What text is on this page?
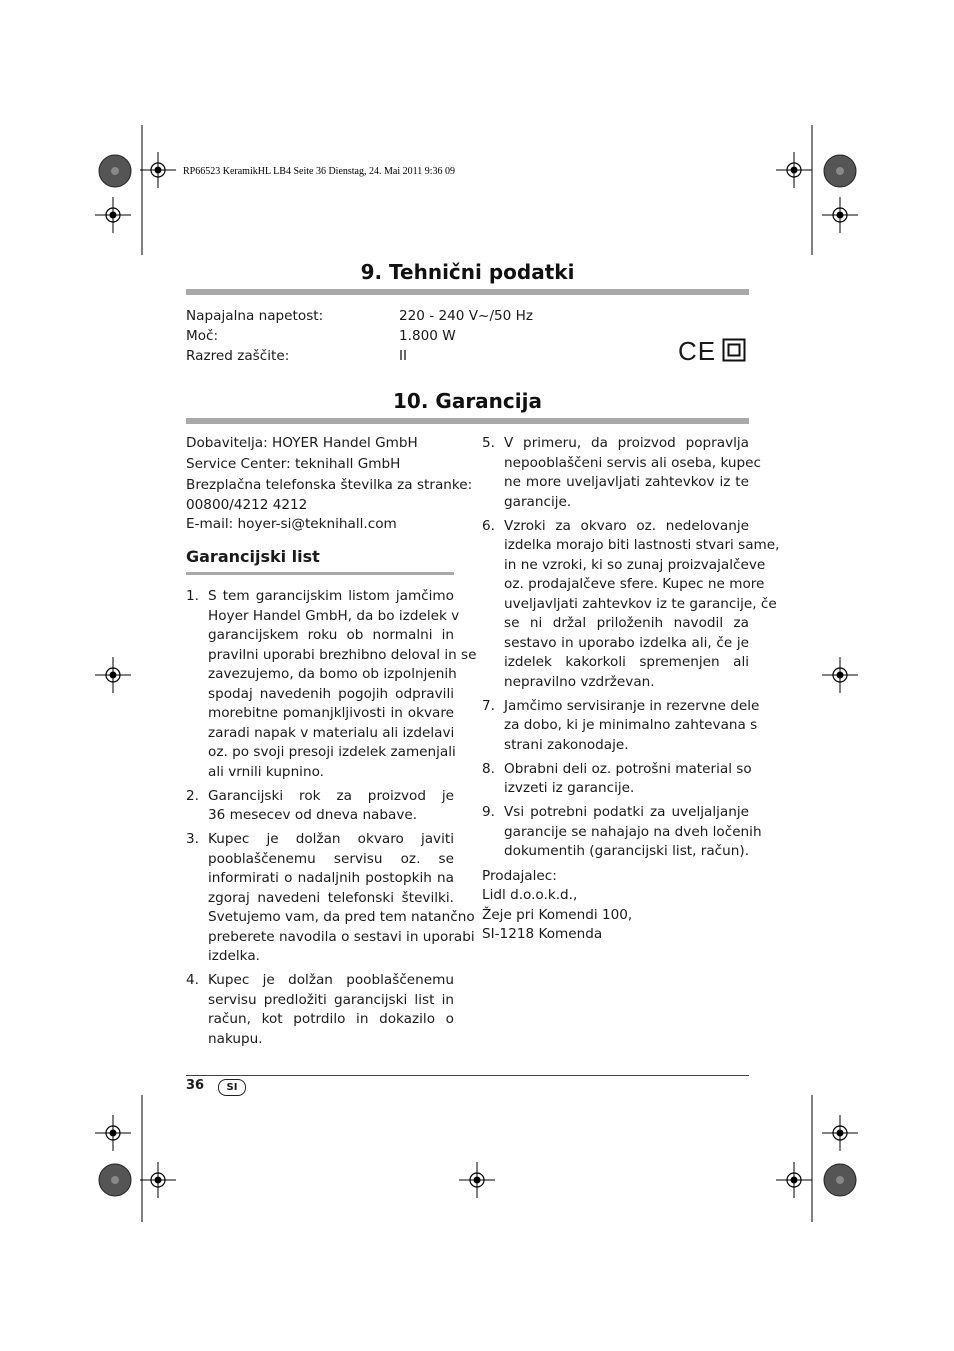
RP66523 KeramikHL LB4 Seite 36 Dienstag, 24. Mai 2011 9:36 09
9. Tehnični podatki
Napajalna napetost:	220 - 240 V~/50 Hz
Moč:	1.800 W
Razred zaščite:	II	CE
10. Garancija
Dobavitelja: HOYER Handel GmbH
Service Center: teknihall GmbH
Brezplačna telefonska številka za stranke:
00800/4212 4212
E-mail: hoyer-si@teknihall.com
Garancijski list
1. S tem garancijskim listom jamčimo
Hoyer Handel GmbH, da bo izdelek v
garancijskem roku ob normalni in
pravilni uporabi brezhibno deloval in se
zavezujemo, da bomo ob izpolnjenih
spodaj navedenih pogojih odpravili
morebitne pomanjkljivosti in okvare
zaradi napak v materialu ali izdelavi
oz. po svoji presoji izdelek zamenjali
ali vrnili kupnino.
2. Garancijski rok za proizvod je
36 mesecev od dneva nabave.
3. Kupec je dolžan okvaro javiti
pooblaščenemu servisu oz. se
informirati o nadaljnih postopkih na
zgoraj navedeni telefonski številki.
Svetujemo vam, da pred tem natančno
preberete navodila o sestavi in uporabi
izdelka.
4. Kupec je dolžan pooblaščenemu
servisu predložiti garancijski list in
račun, kot potrdilo in dokazilo o
nakupu.
5. V primeru, da proizvod popravlja
nepooblaščeni servis ali oseba, kupec
ne more uveljavljati zahtevkov iz te
garancije.
6. Vzroki za okvaro oz. nedelovanje
izdelka morajo biti lastnosti stvari same,
in ne vzroki, ki so zunaj proizvajalčeve
oz. prodajalčeve sfere. Kupec ne more
uveljavljati zahtevkov iz te garancije, če
se ni držal priloženih navodil za
sestavo in uporabo izdelka ali, če je
izdelek kakorkoli spremenjen ali
nepravilno vzdrževan.
7. Jamčimo servisiranje in rezervne dele
za dobo, ki je minimalno zahtevana s
strani zakonodaje.
8. Obrabni deli oz. potrošni material so
izvzeti iz garancije.
9. Vsi potrebni podatki za uveljaljanje
garancije se nahajajo na dveh ločenih
dokumentih (garancijski list, račun).
Prodajalec:
Lidl d.o.o.k.d.,
Žeje pri Komendi 100,
SI-1218 Komenda
36	SI
